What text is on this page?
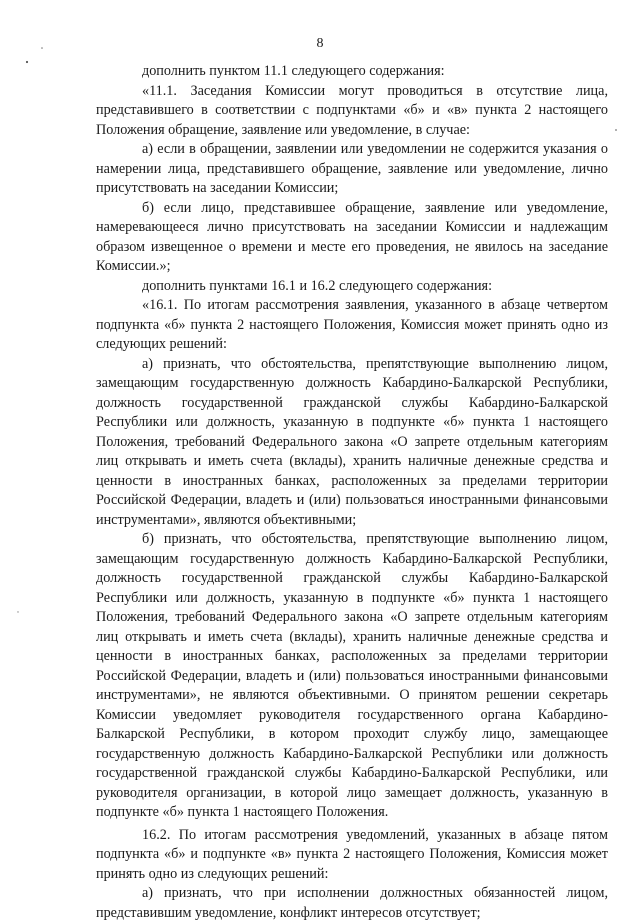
8

дополнить пунктом 11.1 следующего содержания:

«11.1. Заседания Комиссии могут проводиться в отсутствие лица, представившего в соответствии с подпунктами «б» и «в» пункта 2 настоящего Положения обращение, заявление или уведомление, в случае:

а) если в обращении, заявлении или уведомлении не содержится указания о намерении лица, представившего обращение, заявление или уведомление, лично присутствовать на заседании Комиссии;

б) если лицо, представившее обращение, заявление или уведомление, намеревающееся лично присутствовать на заседании Комиссии и надлежащим образом извещенное о времени и месте его проведения, не явилось на заседание Комиссии.»;

дополнить пунктами 16.1 и 16.2 следующего содержания:

«16.1. По итогам рассмотрения заявления, указанного в абзаце четвертом подпункта «б» пункта 2 настоящего Положения, Комиссия может принять одно из следующих решений:

а) признать, что обстоятельства, препятствующие выполнению лицом, замещающим государственную должность Кабардино-Балкарской Республики, должность государственной гражданской службы Кабардино-Балкарской Республики или должность, указанную в подпункте «б» пункта 1 настоящего Положения, требований Федерального закона «О запрете отдельным категориям лиц открывать и иметь счета (вклады), хранить наличные денежные средства и ценности в иностранных банках, расположенных за пределами территории Российской Федерации, владеть и (или) пользоваться иностранными финансовыми инструментами», являются объективными;

б) признать, что обстоятельства, препятствующие выполнению лицом, замещающим государственную должность Кабардино-Балкарской Республики, должность государственной гражданской службы Кабардино-Балкарской Республики или должность, указанную в подпункте «б» пункта 1 настоящего Положения, требований Федерального закона «О запрете отдельным категориям лиц открывать и иметь счета (вклады), хранить наличные денежные средства и ценности в иностранных банках, расположенных за пределами территории Российской Федерации, владеть и (или) пользоваться иностранными финансовыми инструментами», не являются объективными. О принятом решении секретарь Комиссии уведомляет руководителя государственного органа Кабардино-Балкарской Республики, в котором проходит службу лицо, замещающее государственную должность Кабардино-Балкарской Республики или должность государственной гражданской службы Кабардино-Балкарской Республики, или руководителя организации, в которой лицо замещает должность, указанную в подпункте «б» пункта 1 настоящего Положения.

16.2. По итогам рассмотрения уведомлений, указанных в абзаце пятом подпункта «б» и подпункте «в» пункта 2 настоящего Положения, Комиссия может принять одно из следующих решений:

а) признать, что при исполнении должностных обязанностей лицом, представившим уведомление, конфликт интересов отсутствует;
